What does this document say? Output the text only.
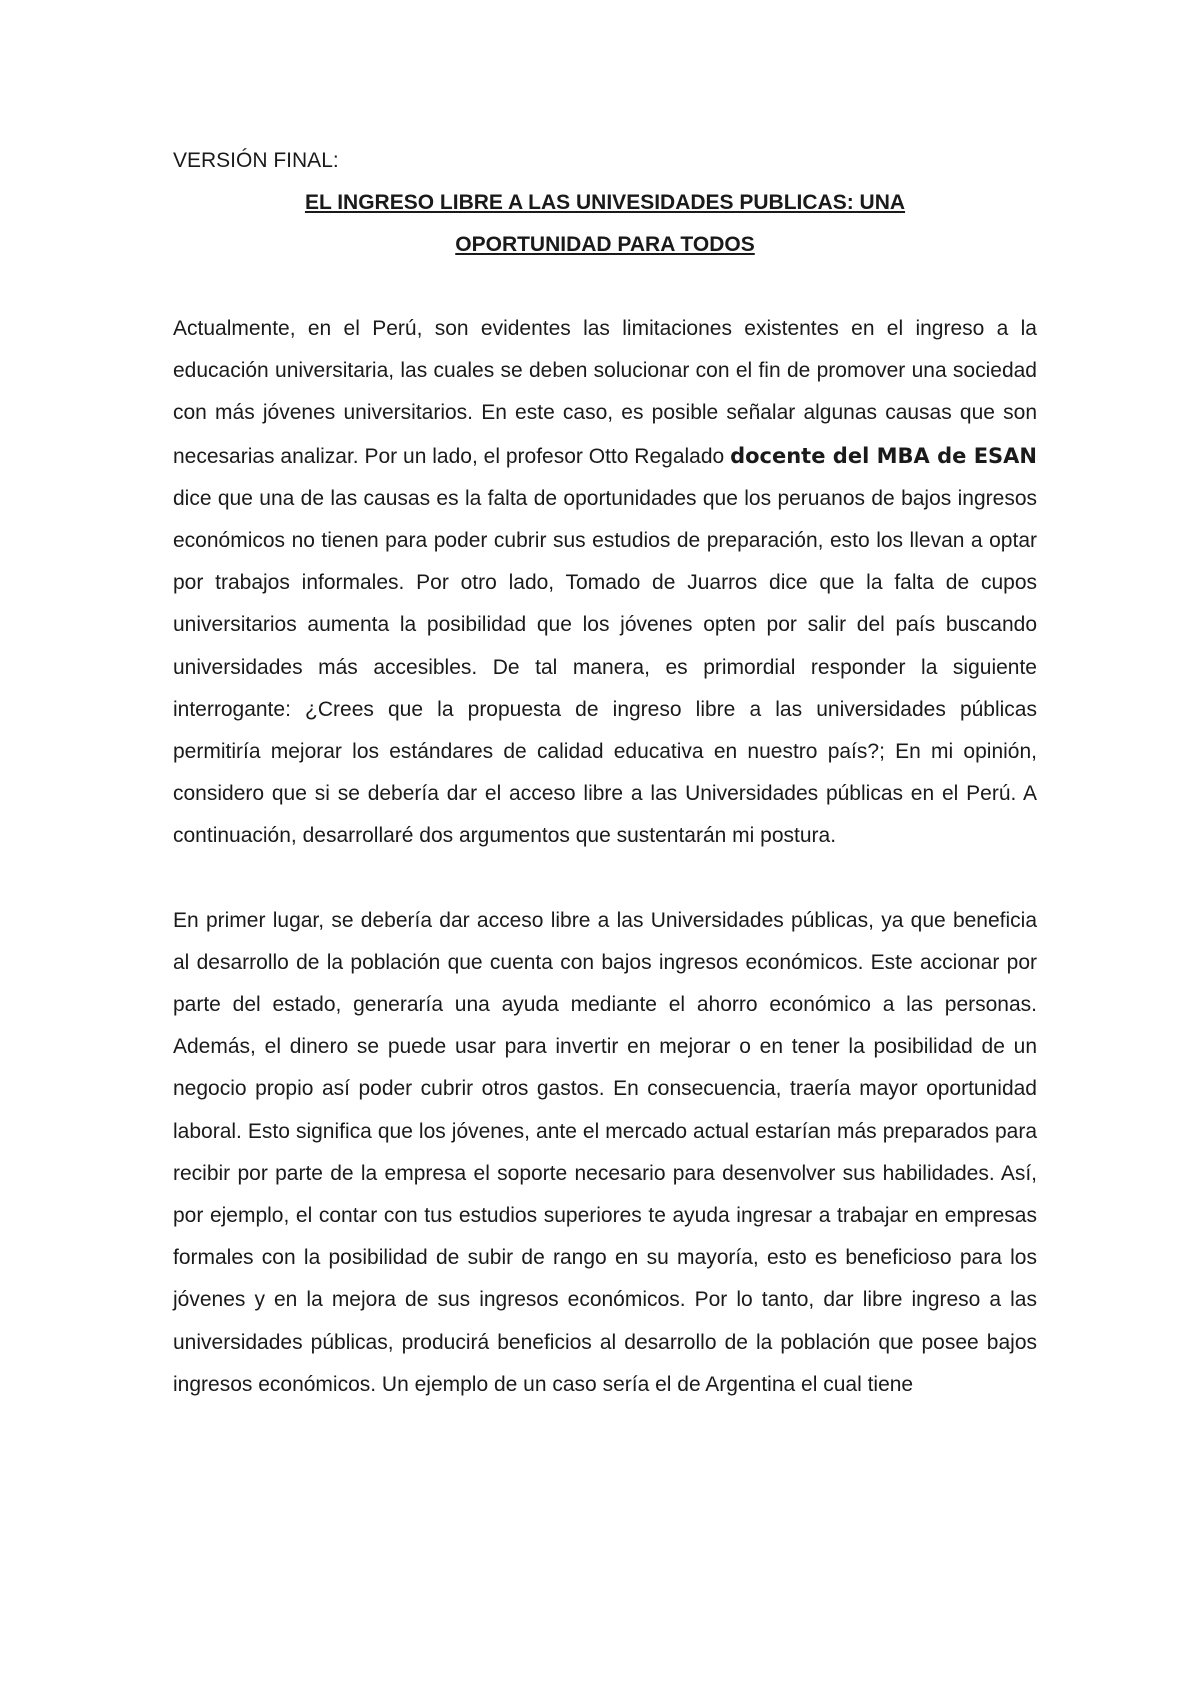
VERSIÓN FINAL:

EL INGRESO LIBRE A LAS UNIVESIDADES PUBLICAS: UNA

OPORTUNIDAD PARA TODOS

Actualmente, en el Perú, son evidentes las limitaciones existentes en el ingreso a la educación universitaria, las cuales se deben solucionar con el fin de promover una sociedad con más jóvenes universitarios. En este caso, es posible señalar algunas causas que son necesarias analizar. Por un lado, el profesor Otto Regalado docente del MBA de ESAN dice que una de las causas es la falta de oportunidades que los peruanos de bajos ingresos económicos no tienen para poder cubrir sus estudios de preparación, esto los llevan a optar por trabajos informales. Por otro lado, Tomado de Juarros dice que la falta de cupos universitarios aumenta la posibilidad que los jóvenes opten por salir del país buscando universidades más accesibles. De tal manera, es primordial responder la siguiente interrogante: ¿Crees que la propuesta de ingreso libre a las universidades públicas permitiría mejorar los estándares de calidad educativa en nuestro país?; En mi opinión, considero que si se debería dar el acceso libre a las Universidades públicas en el Perú. A continuación, desarrollaré dos argumentos que sustentarán mi postura.

En primer lugar, se debería dar acceso libre a las Universidades públicas, ya que beneficia al desarrollo de la población que cuenta con bajos ingresos económicos. Este accionar por parte del estado, generaría una ayuda mediante el ahorro económico a las personas. Además, el dinero se puede usar para invertir en mejorar o en tener la posibilidad de un negocio propio así poder cubrir otros gastos. En consecuencia, traería mayor oportunidad laboral. Esto significa que los jóvenes, ante el mercado actual estarían más preparados para recibir por parte de la empresa el soporte necesario para desenvolver sus habilidades. Así, por ejemplo, el contar con tus estudios superiores te ayuda ingresar a trabajar en empresas formales con la posibilidad de subir de rango en su mayoría, esto es beneficioso para los jóvenes y en la mejora de sus ingresos económicos. Por lo tanto, dar libre ingreso a las universidades públicas, producirá beneficios al desarrollo de la población que posee bajos ingresos económicos. Un ejemplo de un caso sería el de Argentina el cual tiene
